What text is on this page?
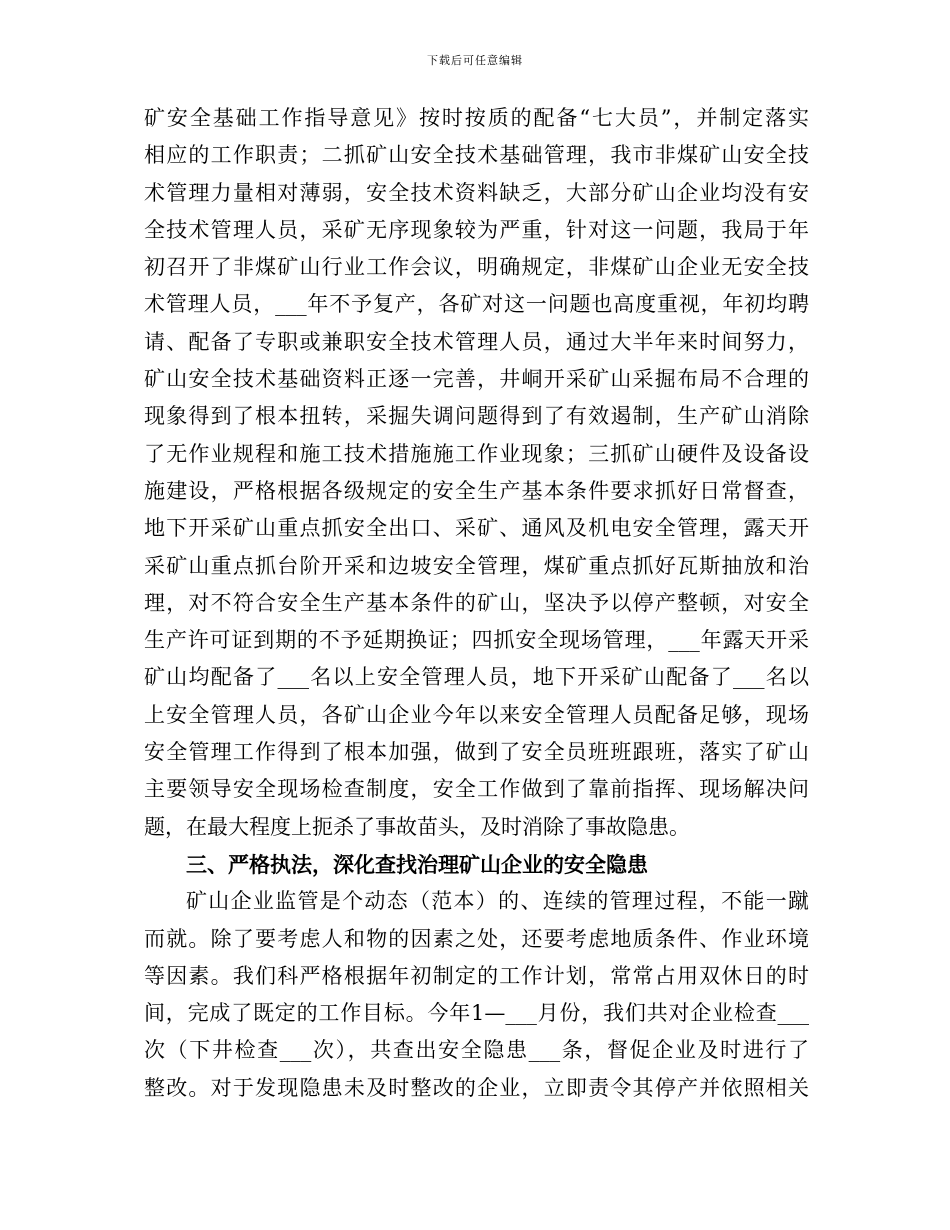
下载后可任意编辑
矿安全基础工作指导意见》按时按质的配备“七大员”，并制定落实
相应的工作职责；二抓矿山安全技术基础管理，我市非煤矿山安全技
术管理力量相对薄弱，安全技术资料缺乏，大部分矿山企业均没有安
全技术管理人员，采矿无序现象较为严重，针对这一问题，我局于年
初召开了非煤矿山行业工作会议，明确规定，非煤矿山企业无安全技
术管理人员，___年不予复产，各矿对这一问题也高度重视，年初均聘
请、配备了专职或兼职安全技术管理人员，通过大半年来时间努力，
矿山安全技术基础资料正逐一完善，井峒开采矿山采掘布局不合理的
现象得到了根本扭转，采掘失调问题得到了有效遏制，生产矿山消除
了无作业规程和施工技术措施施工作业现象；三抓矿山硬件及设备设
施建设，严格根据各级规定的安全生产基本条件要求抓好日常督查，
地下开采矿山重点抓安全出口、采矿、通风及机电安全管理，露天开
采矿山重点抓台阶开采和边坡安全管理，煤矿重点抓好瓦斯抽放和治
理，对不符合安全生产基本条件的矿山，坚决予以停产整顿，对安全
生产许可证到期的不予延期换证；四抓安全现场管理，___年露天开采
矿山均配备了___名以上安全管理人员，地下开采矿山配备了___名以
上安全管理人员，各矿山企业今年以来安全管理人员配备足够，现场
安全管理工作得到了根本加强，做到了安全员班班跟班，落实了矿山
主要领导安全现场检查制度，安全工作做到了靠前指挥、现场解决问
题，在最大程度上扼杀了事故苗头，及时消除了事故隐患。
三、严格执法，深化查找治理矿山企业的安全隐患
矿山企业监管是个动态（范本）的、连续的管理过程，不能一蹴
而就。除了要考虑人和物的因素之处，还要考虑地质条件、作业环境
等因素。我们科严格根据年初制定的工作计划，常常占用双休日的时
间，完成了既定的工作目标。今年1—___月份，我们共对企业检查___
次（下井检查___次），共查出安全隐患___条，督促企业及时进行了
整改。对于发现隐患未及时整改的企业，立即责令其停产并依照相关
